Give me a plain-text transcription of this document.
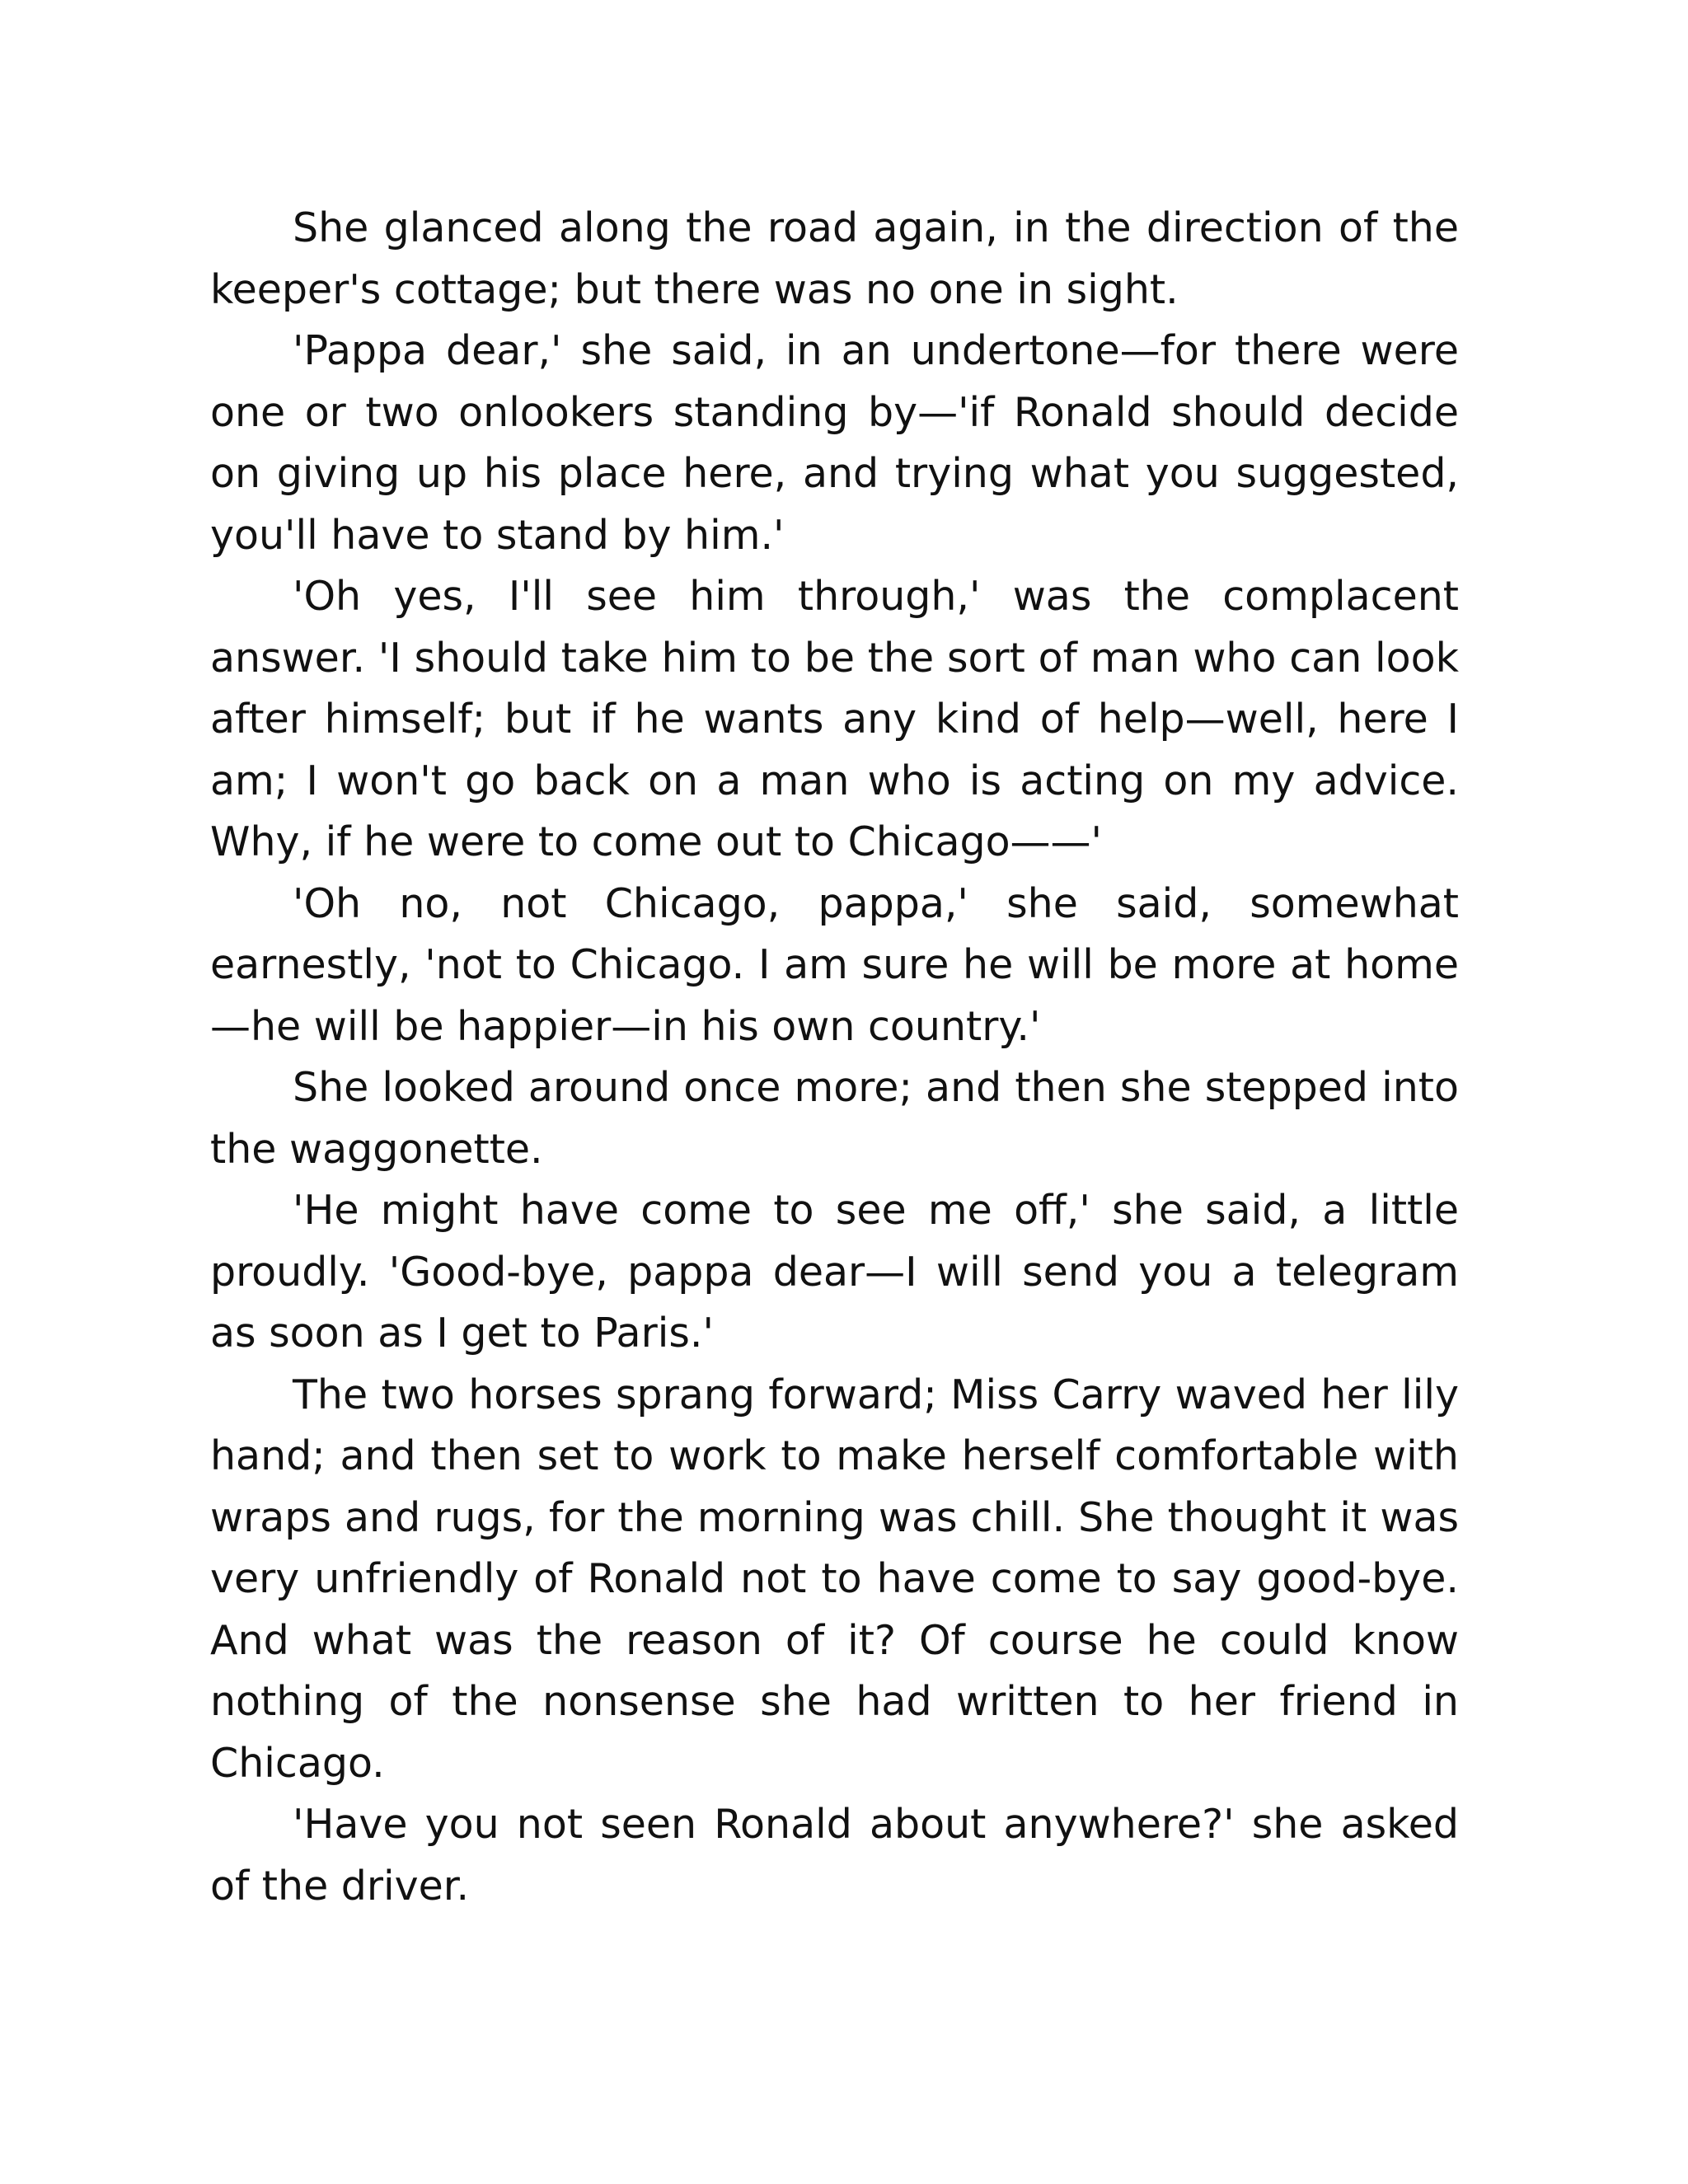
She glanced along the road again, in the direction of the keeper's cottage; but there was no one in sight.

'Pappa dear,' she said, in an undertone—for there were one or two onlookers standing by—'if Ronald should decide on giving up his place here, and trying what you suggested, you'll have to stand by him.'

'Oh yes, I'll see him through,' was the complacent answer. 'I should take him to be the sort of man who can look after himself; but if he wants any kind of help—well, here I am; I won't go back on a man who is acting on my advice. Why, if he were to come out to Chicago——'

'Oh no, not Chicago, pappa,' she said, somewhat earnestly, 'not to Chicago. I am sure he will be more at home—he will be happier—in his own country.'

She looked around once more; and then she stepped into the waggonette.

'He might have come to see me off,' she said, a little proudly. 'Good-bye, pappa dear—I will send you a telegram as soon as I get to Paris.'

The two horses sprang forward; Miss Carry waved her lily hand; and then set to work to make herself comfortable with wraps and rugs, for the morning was chill. She thought it was very unfriendly of Ronald not to have come to say good-bye. And what was the reason of it? Of course he could know nothing of the nonsense she had written to her friend in Chicago.

'Have you not seen Ronald about anywhere?' she asked of the driver.
